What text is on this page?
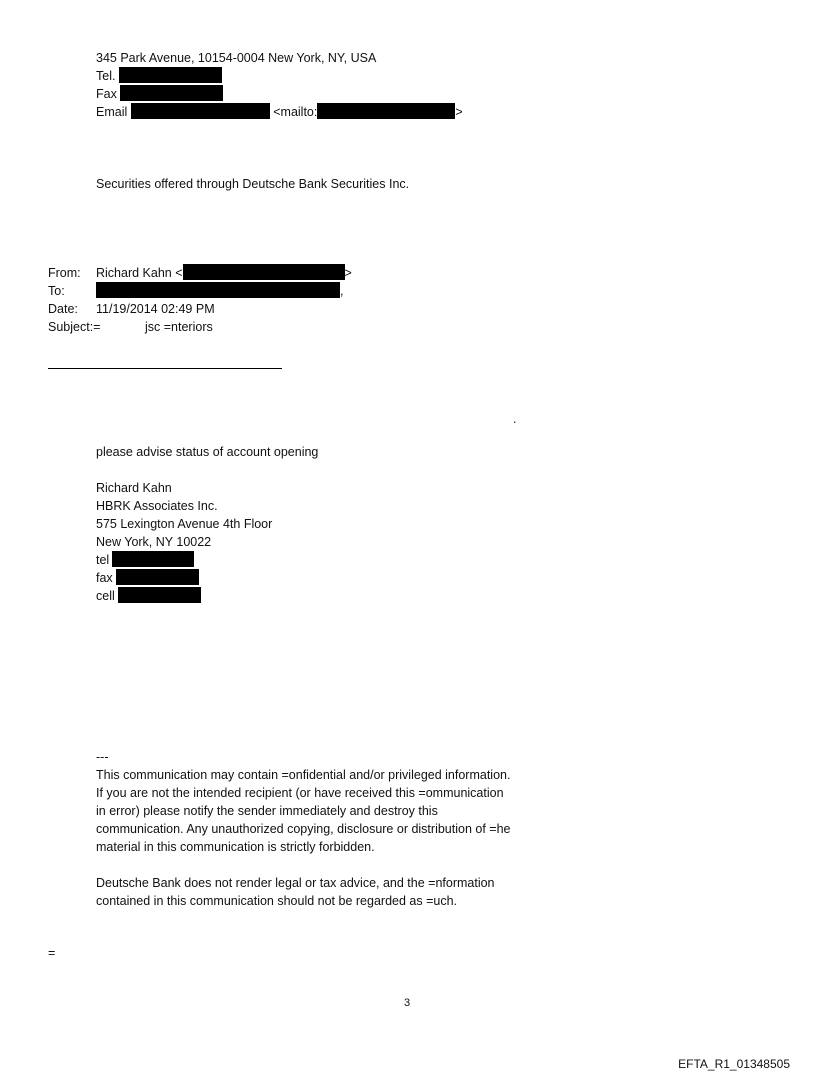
345 Park Avenue, 10154-0004 New York, NY, USA
Tel.
Fax
Email	<mailto:	>
Securities offered through Deutsche Bank Securities Inc.
From: Richard Kahn <	>
To:	,
Date: 11/19/2014 02:49 PM
Subject:=	jsc =nteriors
.
please advise status of account opening
Richard Kahn
HBRK Associates Inc.
575 Lexington Avenue 4th Floor
New York, NY 10022
tel
fax
cell
---
This communication may contain =onfidential and/or privileged information.
If you are not the intended recipient (or have received this =ommunication
in error) please notify the sender immediately and destroy this
communication. Any unauthorized copying, disclosure or distribution of =he
material in this communication is strictly forbidden.
Deutsche Bank does not render legal or tax advice, and the =nformation
contained in this communication should not be regarded as =uch.
=
3
EFTA_R1_01348505
